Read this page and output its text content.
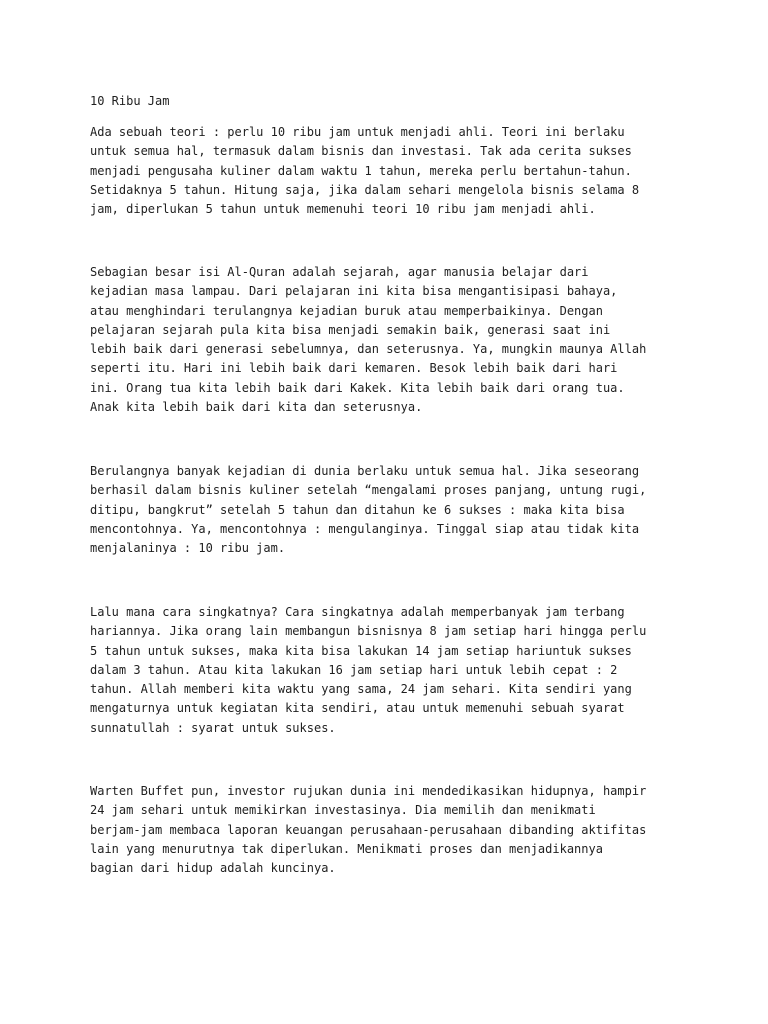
10 Ribu Jam

Ada sebuah teori : perlu 10 ribu jam untuk menjadi ahli. Teori ini berlaku
untuk semua hal, termasuk dalam bisnis dan investasi. Tak ada cerita sukses
menjadi pengusaha kuliner dalam waktu 1 tahun, mereka perlu bertahun-tahun.
Setidaknya 5 tahun. Hitung saja, jika dalam sehari mengelola bisnis selama 8
jam, diperlukan 5 tahun untuk memenuhi teori 10 ribu jam menjadi ahli.

Sebagian besar isi Al-Quran adalah sejarah, agar manusia belajar dari
kejadian masa lampau. Dari pelajaran ini kita bisa mengantisipasi bahaya,
atau menghindari terulangnya kejadian buruk atau memperbaikinya. Dengan
pelajaran sejarah pula kita bisa menjadi semakin baik, generasi saat ini
lebih baik dari generasi sebelumnya, dan seterusnya. Ya, mungkin maunya Allah
seperti itu. Hari ini lebih baik dari kemaren. Besok lebih baik dari hari
ini. Orang tua kita lebih baik dari Kakek. Kita lebih baik dari orang tua.
Anak kita lebih baik dari kita dan seterusnya.

Berulangnya banyak kejadian di dunia berlaku untuk semua hal. Jika seseorang
berhasil dalam bisnis kuliner setelah “mengalami proses panjang, untung rugi,
ditipu, bangkrut” setelah 5 tahun dan ditahun ke 6 sukses : maka kita bisa
mencontohnya. Ya, mencontohnya : mengulanginya. Tinggal siap atau tidak kita
menjalaninya : 10 ribu jam.

Lalu mana cara singkatnya? Cara singkatnya adalah memperbanyak jam terbang
hariannya. Jika orang lain membangun bisnisnya 8 jam setiap hari hingga perlu
5 tahun untuk sukses, maka kita bisa lakukan 14 jam setiap hariuntuk sukses
dalam 3 tahun. Atau kita lakukan 16 jam setiap hari untuk lebih cepat : 2
tahun. Allah memberi kita waktu yang sama, 24 jam sehari. Kita sendiri yang
mengaturnya untuk kegiatan kita sendiri, atau untuk memenuhi sebuah syarat
sunnatullah : syarat untuk sukses.

Warten Buffet pun, investor rujukan dunia ini mendedikasikan hidupnya, hampir
24 jam sehari untuk memikirkan investasinya. Dia memilih dan menikmati
berjam-jam membaca laporan keuangan perusahaan-perusahaan dibanding aktifitas
lain yang menurutnya tak diperlukan. Menikmati proses dan menjadikannya
bagian dari hidup adalah kuncinya.
